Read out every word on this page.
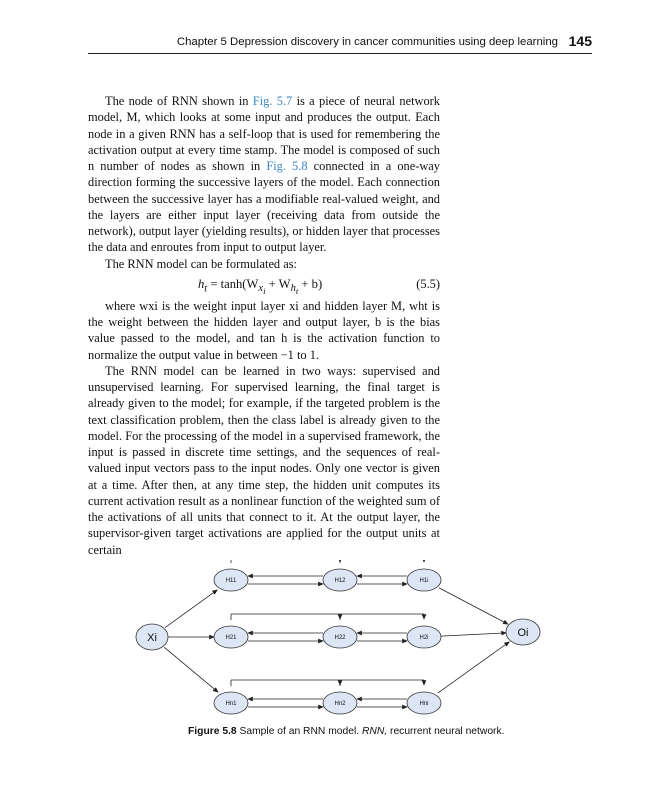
Chapter 5 Depression discovery in cancer communities using deep learning 145

The node of RNN shown in Fig. 5.7 is a piece of neural network model, M, which looks at some input and produces the output. Each node in a given RNN has a self-loop that is used for remembering the activation output at every time stamp. The model is composed of such n number of nodes as shown in Fig. 5.8 connected in a one-way direction forming the successive layers of the model. Each connection between the successive layer has a modifiable real-valued weight, and the layers are either input layer (receiving data from outside the network), output layer (yielding results), or hidden layer that processes the data and enroutes from input to output layer.

The RNN model can be formulated as:

$h_t = \tanh(W_{x_i} + W_{h_t} + b)$	(5.5)

where wxi is the weight input layer xi and hidden layer M, wht is the weight between the hidden layer and output layer, b is the bias value passed to the model, and tan h is the activation function to normalize the output value in between −1 to 1.

The RNN model can be learned in two ways: supervised and unsupervised learning. For supervised learning, the final target is already given to the model; for example, if the targeted problem is the text classification problem, then the class label is already given to the model. For the processing of the model in a supervised framework, the input is passed in discrete time settings, and the sequences of real-valued input vectors pass to the input nodes. Only one vector is given at a time. After then, at any time step, the hidden unit computes its current activation result as a nonlinear function of the weighted sum of the activations of all units that connect to it. At the output layer, the supervisor-given target activations are applied for the output units at certain

Xi	Oi
H11	H12	H1i
H21	H22	H2i
Hn1	Hn2	Hni
Figure 5.8 Sample of an RNN model. RNN, recurrent neural network.
